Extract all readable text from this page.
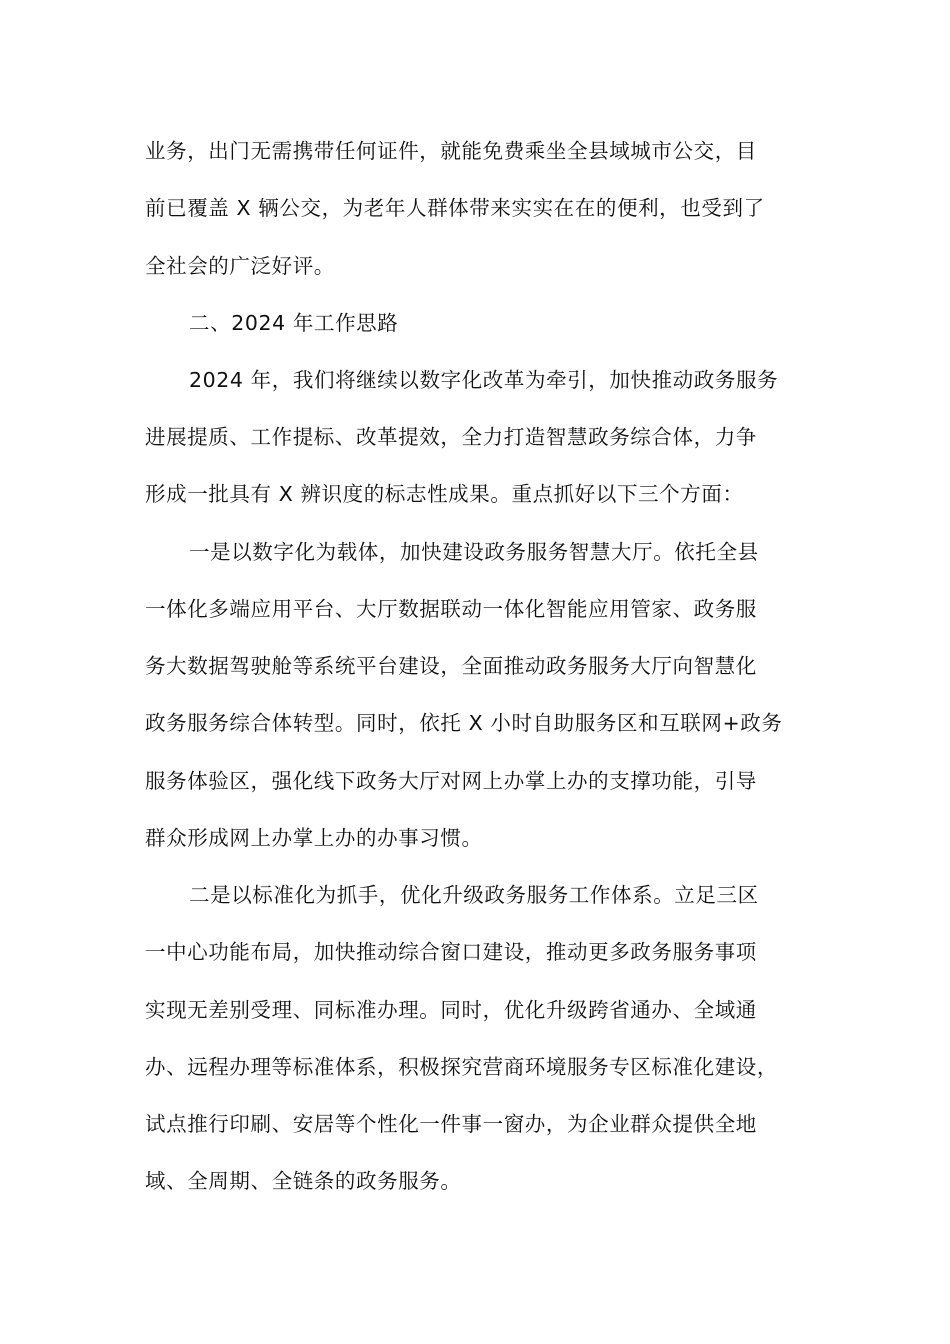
业务，出门无需携带任何证件，就能免费乘坐全县域城市公交，目
前已覆盖 X 辆公交，为老年人群体带来实实在在的便利，也受到了
全社会的广泛好评。
二、2024 年工作思路
2024 年，我们将继续以数字化改革为牵引，加快推动政务服务
进展提质、工作提标、改革提效，全力打造智慧政务综合体，力争
形成一批具有 X 辨识度的标志性成果。重点抓好以下三个方面：
一是以数字化为载体，加快建设政务服务智慧大厅。依托全县
一体化多端应用平台、大厅数据联动一体化智能应用管家、政务服
务大数据驾驶舱等系统平台建设，全面推动政务服务大厅向智慧化
政务服务综合体转型。同时，依托 X 小时自助服务区和互联网+政务
服务体验区，强化线下政务大厅对网上办掌上办的支撑功能，引导
群众形成网上办掌上办的办事习惯。
二是以标准化为抓手，优化升级政务服务工作体系。立足三区
一中心功能布局，加快推动综合窗口建设，推动更多政务服务事项
实现无差别受理、同标准办理。同时，优化升级跨省通办、全域通
办、远程办理等标准体系，积极探究营商环境服务专区标准化建设，
试点推行印刷、安居等个性化一件事一窗办，为企业群众提供全地
域、全周期、全链条的政务服务。
